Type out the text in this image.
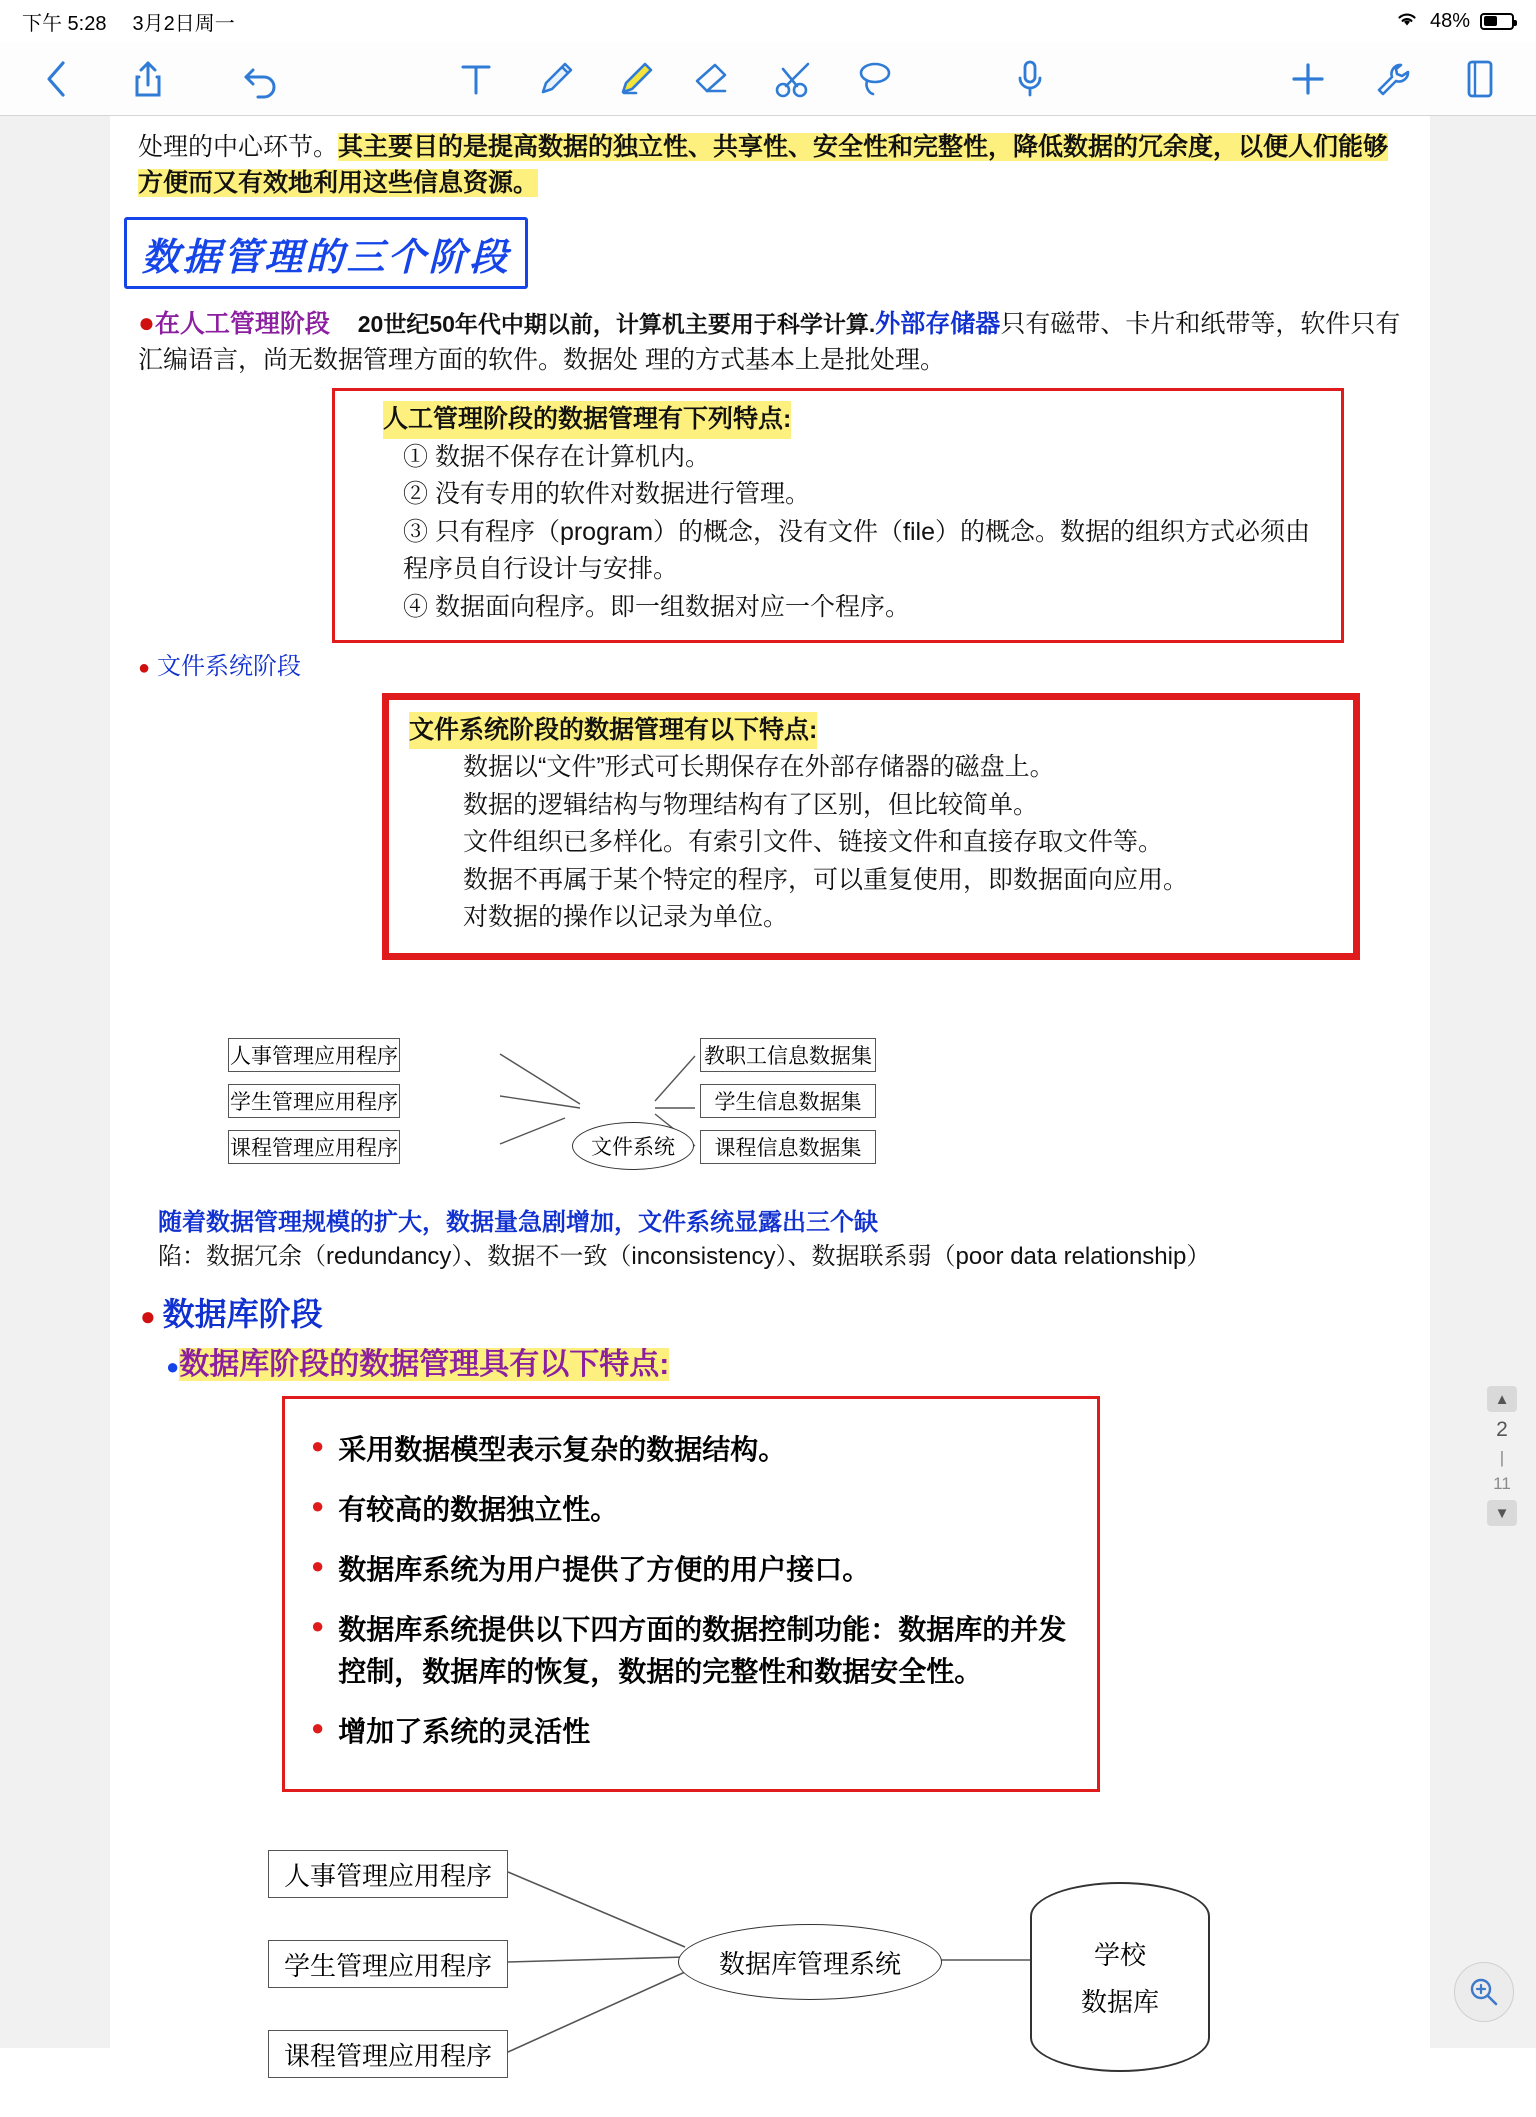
下午 5:28 3月2日周一	48%
处理的中心环节。其主要目的是提高数据的独立性、共享性、安全性和完整性，降低数据的冗余度，以便人们能够方便而又有效地利用这些信息资源。
数据管理的三个阶段
●在人工管理阶段 20世纪50年代中期以前，计算机主要用于科学计算.外部存储器只有磁带、卡片和纸带等，软件只有汇编语言，尚无数据管理方面的软件。数据处 理的方式基本上是批处理。
人工管理阶段的数据管理有下列特点:
① 数据不保存在计算机内。
② 没有专用的软件对数据进行管理。
③ 只有程序（program）的概念，没有文件（file）的概念。数据的组织方式必须由程序员自行设计与安排。
④ 数据面向程序。即一组数据对应一个程序。
● 文件系统阶段
文件系统阶段的数据管理有以下特点:
数据以“文件”形式可长期保存在外部存储器的磁盘上。
数据的逻辑结构与物理结构有了区别，但比较简单。
文件组织已多样化。有索引文件、链接文件和直接存取文件等。
数据不再属于某个特定的程序，可以重复使用，即数据面向应用。
对数据的操作以记录为单位。
人事管理应用程序
学生管理应用程序
课程管理应用程序	文件系统
教职工信息数据集
学生信息数据集
课程信息数据集
随着数据管理规模的扩大，数据量急剧增加，文件系统显露出三个缺
陷：数据冗余（redundancy）、数据不一致（inconsistency）、数据联系弱（poor data relationship）
● 数据库阶段
●数据库阶段的数据管理具有以下特点:
● 采用数据模型表示复杂的数据结构。
● 有较高的数据独立性。
● 数据库系统为用户提供了方便的用户接口。
● 数据库系统提供以下四方面的数据控制功能：数据库的并发控制，数据库的恢复，数据的完整性和数据安全性。
● 增加了系统的灵活性
人事管理应用程序
学生管理应用程序
课程管理应用程序
数据库管理系统	学校
数据库
▲
2
|
11
▼
